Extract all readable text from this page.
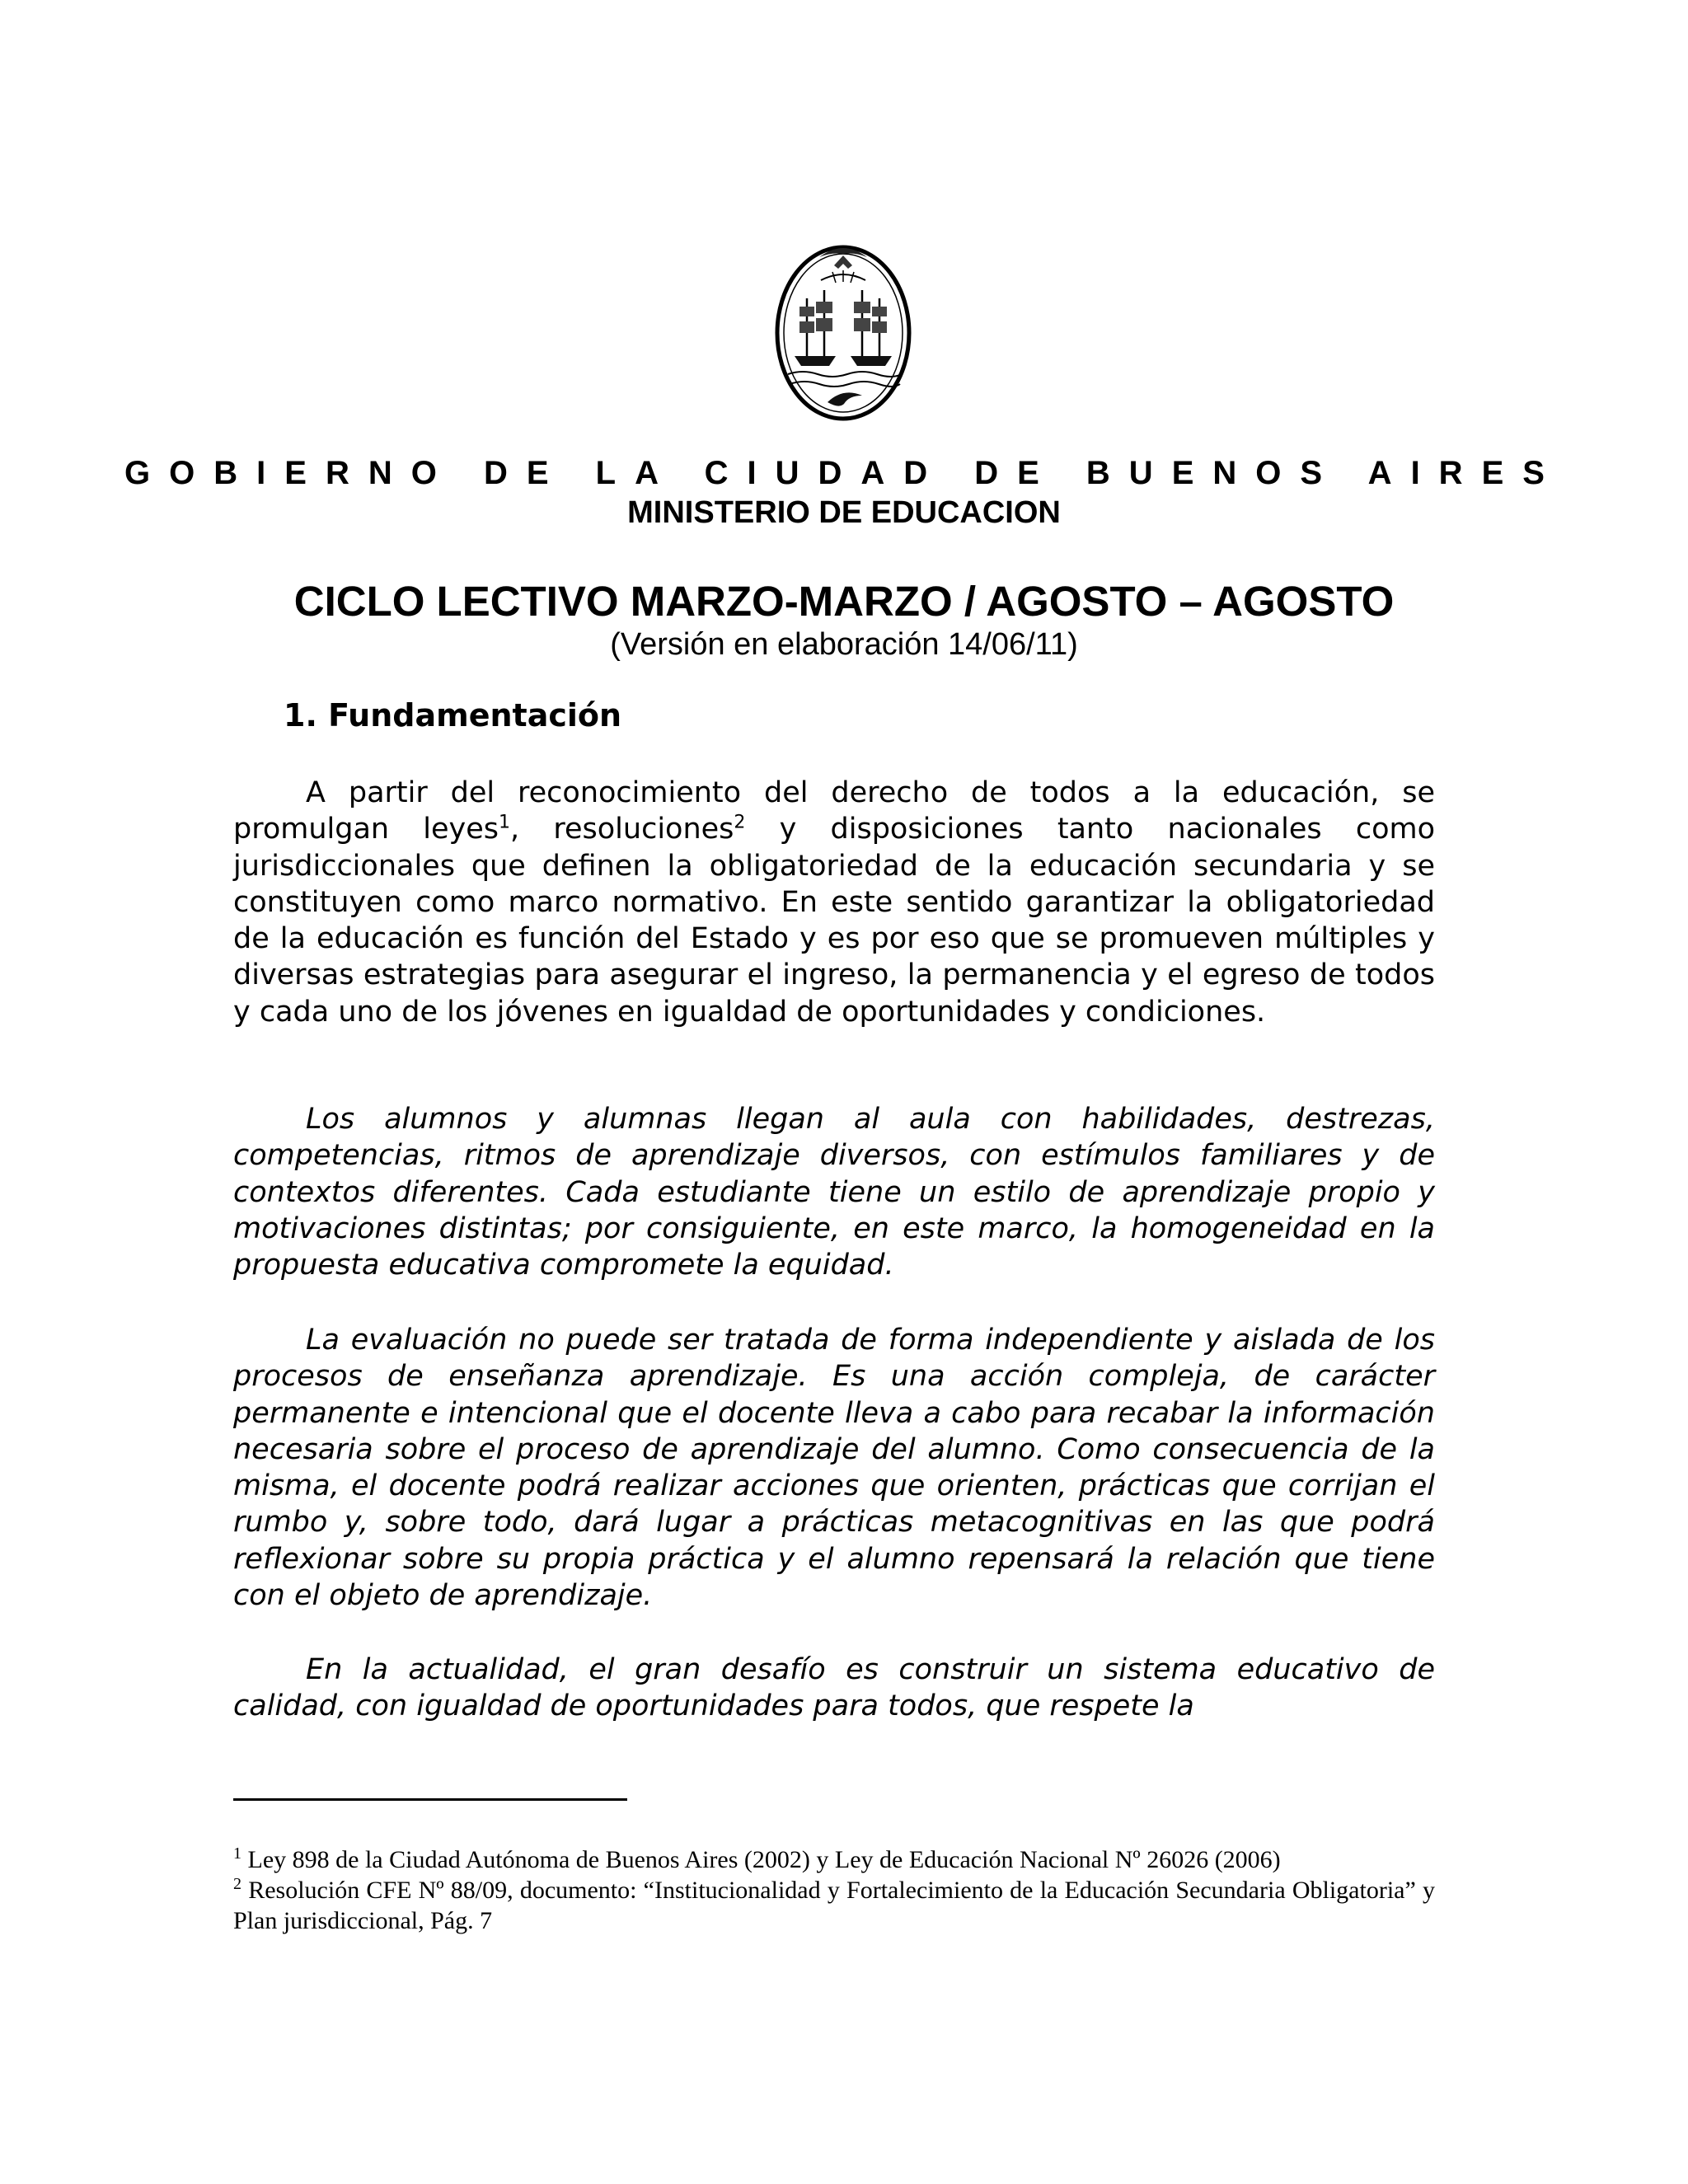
GOBIERNO DE LA CIUDAD DE BUENOS AIRES
MINISTERIO DE EDUCACION
CICLO LECTIVO MARZO-MARZO / AGOSTO – AGOSTO
(Versión en elaboración 14/06/11)
1. Fundamentación
A partir del reconocimiento del derecho de todos a la educación, se promulgan leyes$^1$, resoluciones$^2$ y disposiciones tanto nacionales como jurisdiccionales que definen la obligatoriedad de la educación secundaria y se constituyen como marco normativo. En este sentido garantizar la obligatoriedad de la educación es función del Estado y es por eso que se promueven múltiples y diversas estrategias para asegurar el ingreso, la permanencia y el egreso de todos y cada uno de los jóvenes en igualdad de oportunidades y condiciones.
Los alumnos y alumnas llegan al aula con habilidades, destrezas, competencias, ritmos de aprendizaje diversos, con estímulos familiares y de contextos diferentes. Cada estudiante tiene un estilo de aprendizaje propio y motivaciones distintas; por consiguiente, en este marco, la homogeneidad en la propuesta educativa compromete la equidad.
La evaluación no puede ser tratada de forma independiente y aislada de los procesos de enseñanza aprendizaje. Es una acción compleja, de carácter permanente e intencional que el docente lleva a cabo para recabar la información necesaria sobre el proceso de aprendizaje del alumno. Como consecuencia de la misma, el docente podrá realizar acciones que orienten, prácticas que corrijan el rumbo y, sobre todo, dará lugar a prácticas metacognitivas en las que podrá reflexionar sobre su propia práctica y el alumno repensará la relación que tiene con el objeto de aprendizaje.
En la actualidad, el gran desafío es construir un sistema educativo de calidad, con igualdad de oportunidades para todos, que respete la
$^1$ Ley 898 de la Ciudad Autónoma de Buenos Aires (2002) y Ley de Educación Nacional Nº 26026 (2006)
$^2$ Resolución CFE Nº 88/09, documento: “Institucionalidad y Fortalecimiento de la Educación Secundaria Obligatoria” y Plan jurisdiccional, Pág. 7
